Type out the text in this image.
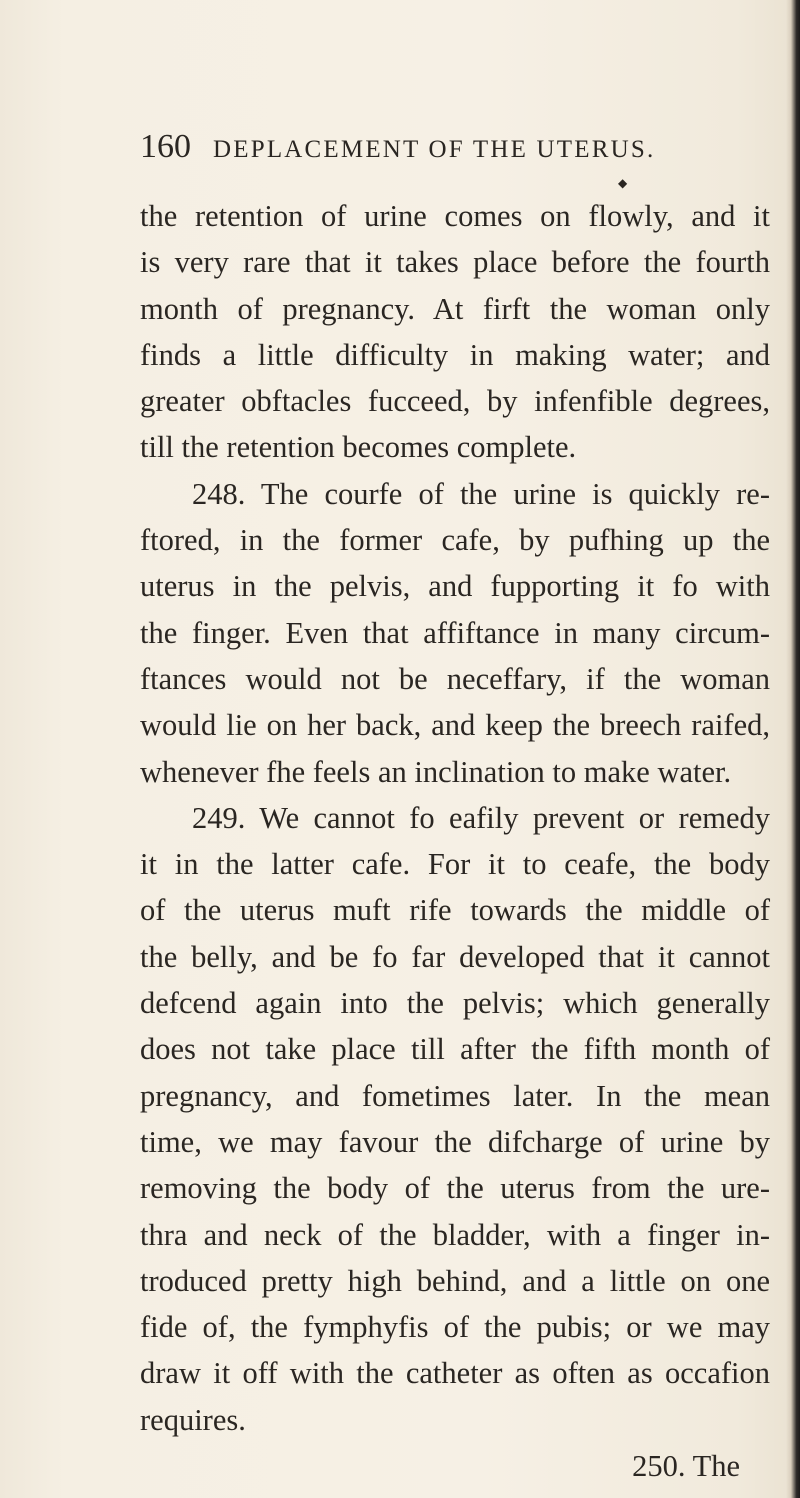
160 DEPLACEMENT OF THE UTERUS.
◆
the retention of urine comes on flowly, and it
is very rare that it takes place before the fourth
month of pregnancy. At firft the woman only
finds a little difficulty in making water; and
greater obftacles fucceed, by infenfible degrees,
till the retention becomes complete.
248. The courfe of the urine is quickly re-
ftored, in the former cafe, by pufhing up the
uterus in the pelvis, and fupporting it fo with
the finger. Even that affiftance in many circum-
ftances would not be neceffary, if the woman
would lie on her back, and keep the breech raifed,
whenever fhe feels an inclination to make water.
249. We cannot fo eafily prevent or remedy
it in the latter cafe. For it to ceafe, the body
of the uterus muft rife towards the middle of
the belly, and be fo far developed that it cannot
defcend again into the pelvis; which generally
does not take place till after the fifth month of
pregnancy, and fometimes later. In the mean
time, we may favour the difcharge of urine by
removing the body of the uterus from the ure-
thra and neck of the bladder, with a finger in-
troduced pretty high behind, and a little on one
fide of, the fymphyfis of the pubis; or we may
draw it off with the catheter as often as occafion
requires.
250. The
